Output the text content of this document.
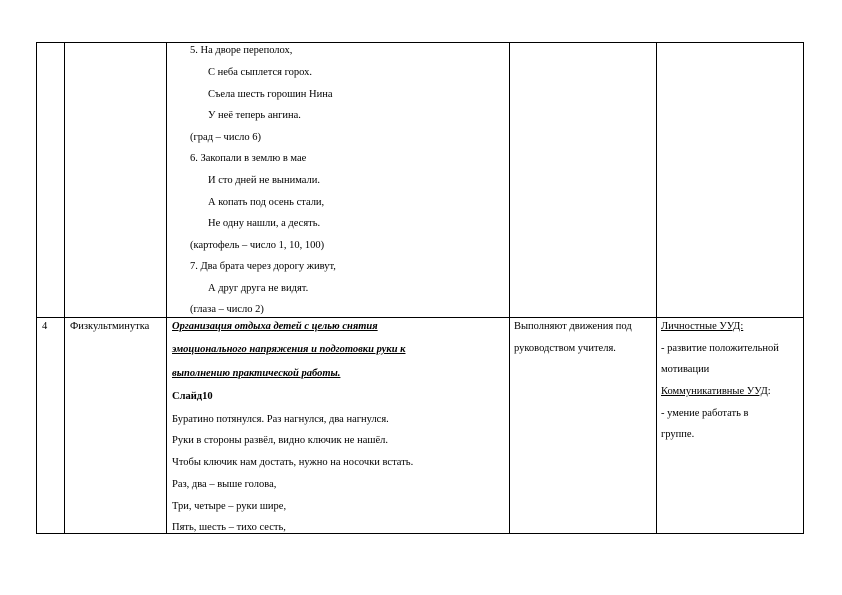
5. На дворе переполох,
С неба сыплется горох.
Съела шесть горошин Нина
У неё теперь ангина.
(град – число 6)
6. Закопали в землю в мае
И сто дней не вынимали.
А копать под осень стали,
Не одну нашли, а десять.
(картофель – число 1, 10, 100)
7. Два брата через дорогу живут,
А друг друга не видят.
(глаза – число 2)
4 Физкультминутка Организация отдыха детей с целью снятия
эмоционального напряжения и подготовки руки к
выполнению практической работы.
Слайд10
Буратино потянулся. Раз нагнулся, два нагнулся.
Руки в стороны развёл, видно ключик не нашёл.
Чтобы ключик нам достать, нужно на носочки встать.
Раз, два – выше голова,
Три, четыре – руки шире,
Пять, шесть – тихо сесть,
Выполняют движения под
руководством учителя.
Личностные УУД:
- развитие положительной
мотивации
Коммуникативные УУД:
- умение работать в
группе.
